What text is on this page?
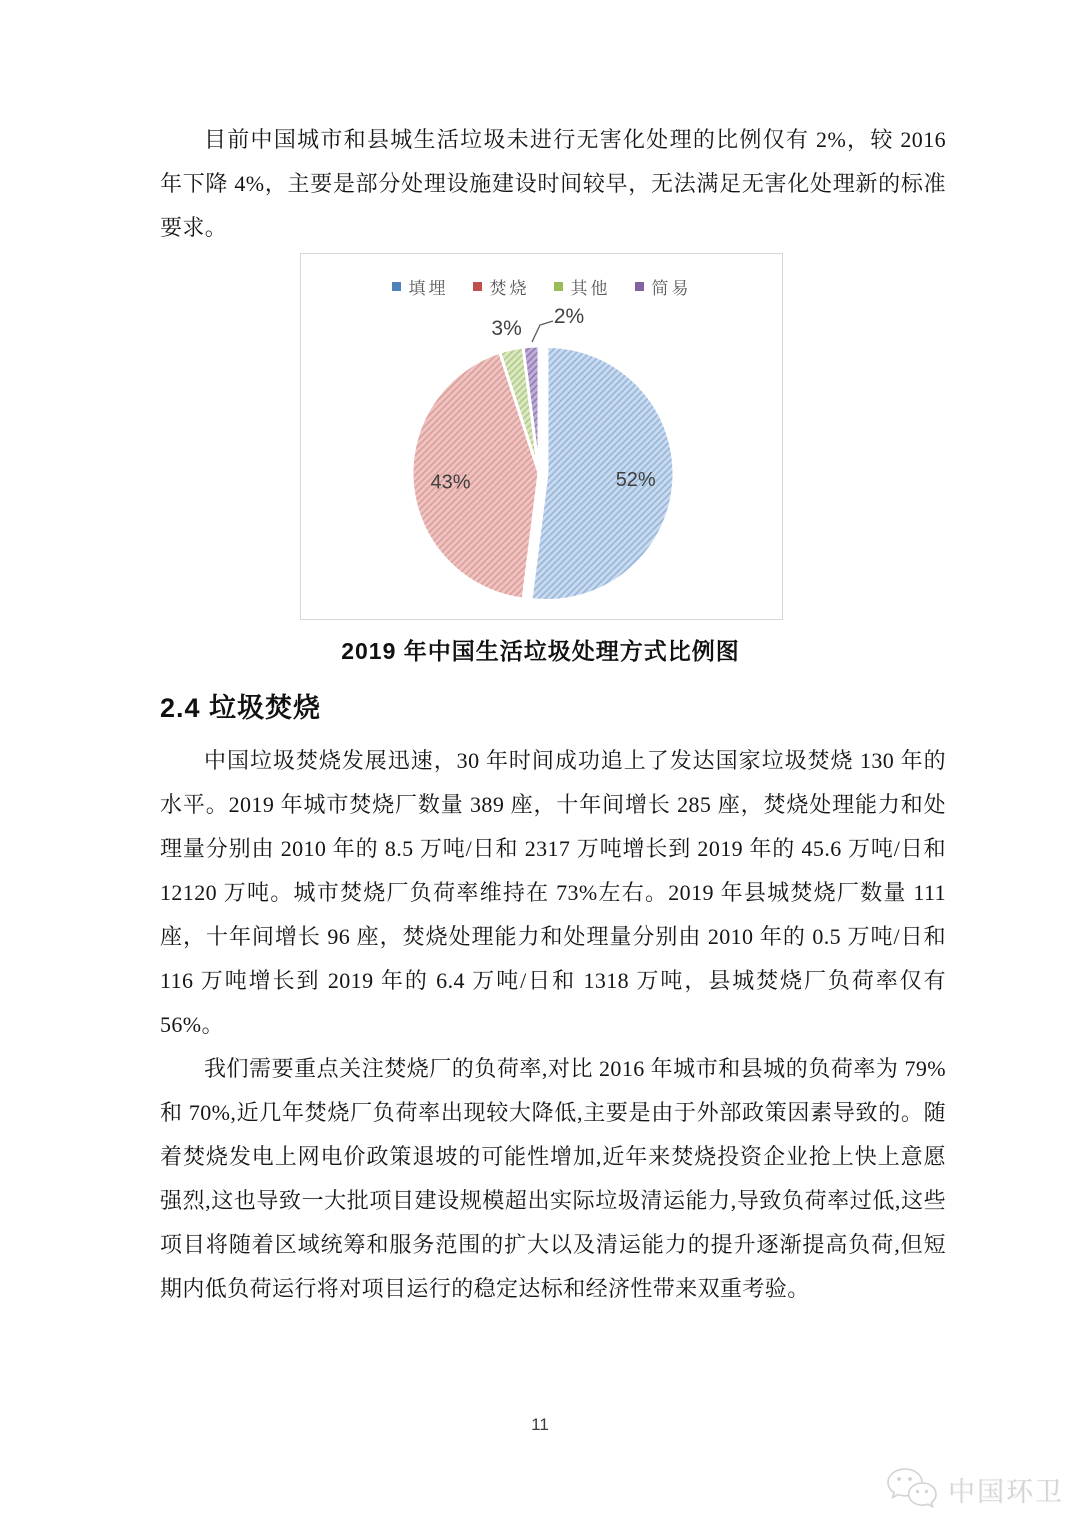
目前中国城市和县城生活垃圾未进行无害化处理的比例仅有 2%，较 2016 年下降 4%，主要是部分处理设施建设时间较早，无法满足无害化处理新的标准要求。

填埋 焚烧 其他 简易
52%
43%
3%
2%
2019 年中国生活垃圾处理方式比例图
2.4 垃圾焚烧

中国垃圾焚烧发展迅速，30 年时间成功追上了发达国家垃圾焚烧 130 年的水平。2019 年城市焚烧厂数量 389 座，十年间增长 285 座，焚烧处理能力和处理量分别由 2010 年的 8.5 万吨/日和 2317 万吨增长到 2019 年的 45.6 万吨/日和 12120 万吨。城市焚烧厂负荷率维持在 73%左右。2019 年县城焚烧厂数量 111 座，十年间增长 96 座，焚烧处理能力和处理量分别由 2010 年的 0.5 万吨/日和 116 万吨增长到 2019 年的 6.4 万吨/日和 1318 万吨，县城焚烧厂负荷率仅有 56%。

我们需要重点关注焚烧厂的负荷率,对比 2016 年城市和县城的负荷率为 79%和 70%,近几年焚烧厂负荷率出现较大降低,主要是由于外部政策因素导致的。随着焚烧发电上网电价政策退坡的可能性增加,近年来焚烧投资企业抢上快上意愿强烈,这也导致一大批项目建设规模超出实际垃圾清运能力,导致负荷率过低,这些项目将随着区域统筹和服务范围的扩大以及清运能力的提升逐渐提高负荷,但短期内低负荷运行将对项目运行的稳定达标和经济性带来双重考验。

11
中国环卫
